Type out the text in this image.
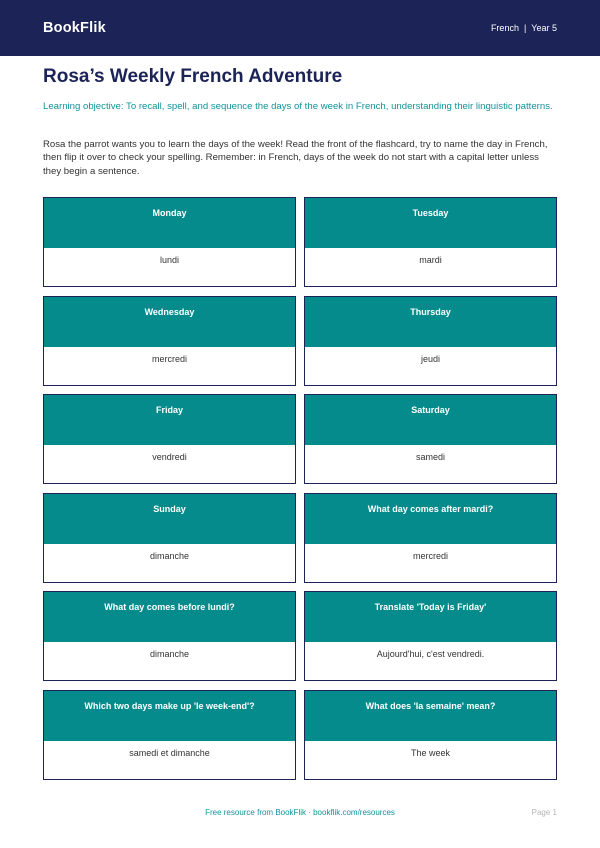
BookFlik	French | Year 5
Rosa’s Weekly French Adventure

Learning objective: To recall, spell, and sequence the days of the week in French, understanding their linguistic patterns.

Rosa the parrot wants you to learn the days of the week! Read the front of the flashcard, try to name the day in French, then flip it over to check your spelling. Remember: in French, days of the week do not start with a capital letter unless they begin a sentence.

Monday
lundi
Tuesday
mardi
Wednesday
mercredi
Thursday
jeudi
Friday
vendredi
Saturday
samedi
Sunday
dimanche
What day comes after mardi?
mercredi
What day comes before lundi?
dimanche
Translate 'Today is Friday'
Aujourd'hui, c'est vendredi.
Which two days make up 'le week-end'?
samedi et dimanche
What does 'la semaine' mean?
The week
Free resource from BookFlik · bookflik.com/resources	Page 1
